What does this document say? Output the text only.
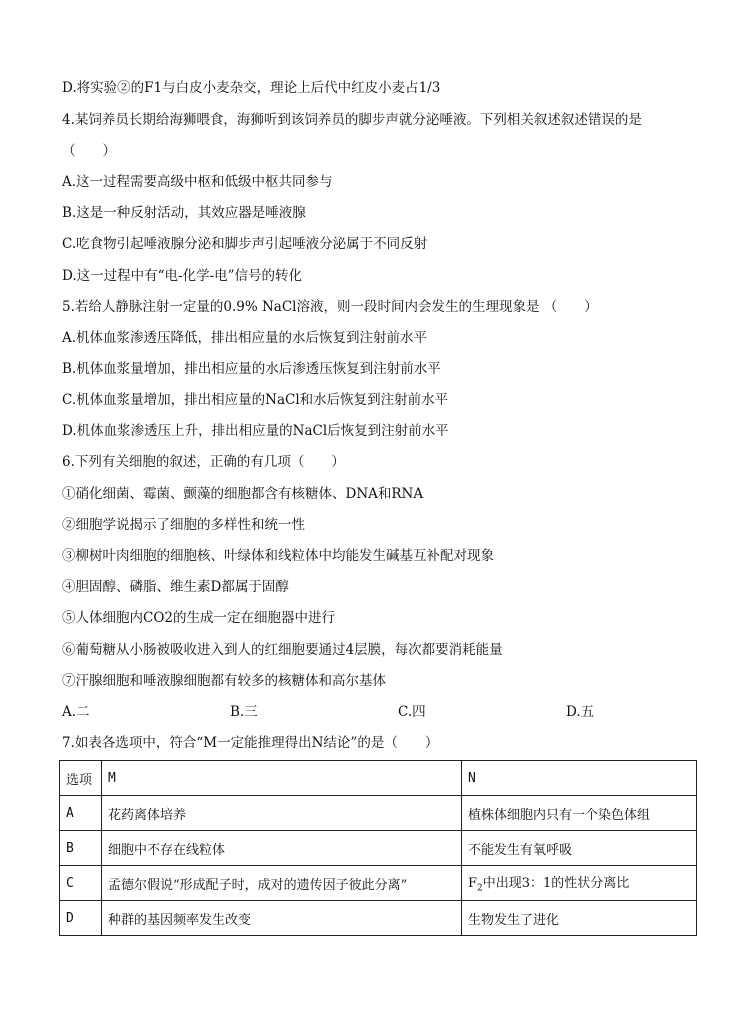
D.将实验②的F1与白皮小麦杂交，理论上后代中红皮小麦占1/3
4.某饲养员长期给海狮喂食，海狮听到该饲养员的脚步声就分泌唾液。下列相关叙述叙述错误的是
（　　）
A.这一过程需要高级中枢和低级中枢共同参与
B.这是一种反射活动，其效应器是唾液腺
C.吃食物引起唾液腺分泌和脚步声引起唾液分泌属于不同反射
D.这一过程中有“电-化学-电”信号的转化
5.若给人静脉注射一定量的0.9% NaCl溶液，则一段时间内会发生的生理现象是 （　　）
A.机体血浆渗透压降低，排出相应量的水后恢复到注射前水平
B.机体血浆量增加，排出相应量的水后渗透压恢复到注射前水平
C.机体血浆量增加，排出相应量的NaCl和水后恢复到注射前水平
D.机体血浆渗透压上升，排出相应量的NaCl后恢复到注射前水平
6.下列有关细胞的叙述，正确的有几项（　　）
①硝化细菌、霉菌、颤藻的细胞都含有核糖体、DNA和RNA
②细胞学说揭示了细胞的多样性和统一性
③柳树叶肉细胞的细胞核、叶绿体和线粒体中均能发生碱基互补配对现象
④胆固醇、磷脂、维生素D都属于固醇
⑤人体细胞内CO2的生成一定在细胞器中进行
⑥葡萄糖从小肠被吸收进入到人的红细胞要通过4层膜，每次都要消耗能量
⑦汗腺细胞和唾液腺细胞都有较多的核糖体和高尔基体
A.二	B.三	C.四	D.五
7.如表各选项中，符合“M一定能推理得出N结论”的是（　　）
选项	M	N
A	花药离体培养	植株体细胞内只有一个染色体组
B	细胞中不存在线粒体	不能发生有氧呼吸
C	孟德尔假说“形成配子时，成对的遗传因子彼此分离”	$F_2$中出现3：1的性状分离比
D	种群的基因频率发生改变	生物发生了进化
